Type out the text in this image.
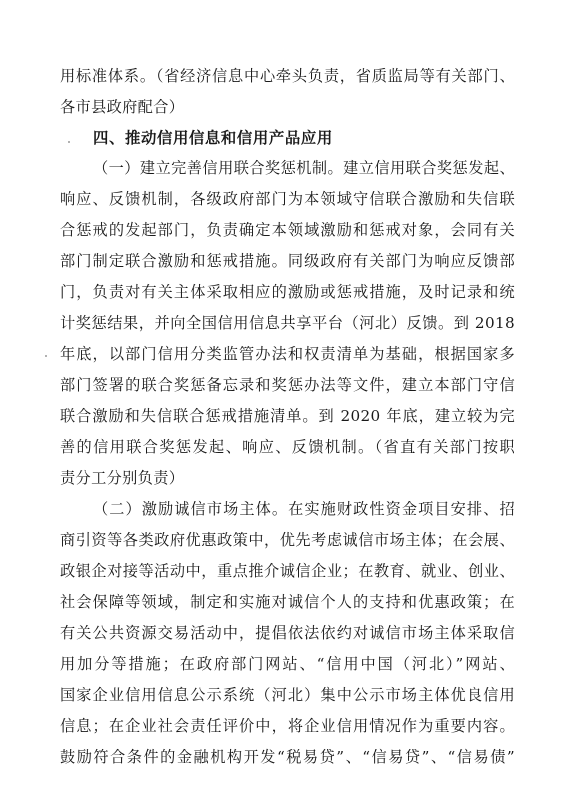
用标准体系。（省经济信息中心牵头负责，省质监局等有关部门、
各市县政府配合）
四、推动信用信息和信用产品应用
（一）建立完善信用联合奖惩机制。建立信用联合奖惩发起、
响应、反馈机制，各级政府部门为本领域守信联合激励和失信联
合惩戒的发起部门，负责确定本领域激励和惩戒对象，会同有关
部门制定联合激励和惩戒措施。同级政府有关部门为响应反馈部
门，负责对有关主体采取相应的激励或惩戒措施，及时记录和统
计奖惩结果，并向全国信用信息共享平台（河北）反馈。到 2018
年底，以部门信用分类监管办法和权责清单为基础，根据国家多
部门签署的联合奖惩备忘录和奖惩办法等文件，建立本部门守信
联合激励和失信联合惩戒措施清单。到 2020 年底，建立较为完
善的信用联合奖惩发起、响应、反馈机制。（省直有关部门按职
责分工分别负责）
（二）激励诚信市场主体。在实施财政性资金项目安排、招
商引资等各类政府优惠政策中，优先考虑诚信市场主体；在会展、
政银企对接等活动中，重点推介诚信企业；在教育、就业、创业、
社会保障等领域，制定和实施对诚信个人的支持和优惠政策；在
有关公共资源交易活动中，提倡依法依约对诚信市场主体采取信
用加分等措施；在政府部门网站、“信用中国（河北）”网站、
国家企业信用信息公示系统（河北）集中公示市场主体优良信用
信息；在企业社会责任评价中，将企业信用情况作为重要内容。
鼓励符合条件的金融机构开发“税易贷”、“信易贷”、“信易债”
